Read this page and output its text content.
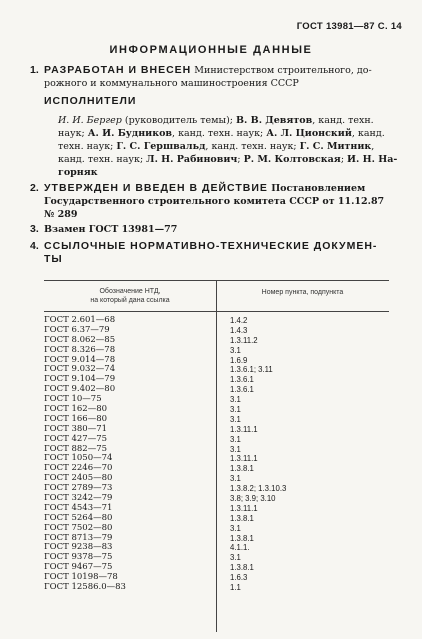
ГОСТ 13981—87 С. 14
ИНФОРМАЦИОННЫЕ ДАННЫЕ
1. РАЗРАБОТАН И ВНЕСЕН Министерством строительного, до-
рожного и коммунального машиностроения СССР
ИСПОЛНИТЕЛИ
И. И. Бергер (руководитель темы); В. В. Девятов, канд. техн.
наук; А. И. Будников, канд. техн. наук; А. Л. Ционский, канд.
техн. наук; Г. С. Гершвальд, канд. техн. наук; Г. С. Митник,
канд. техн. наук; Л. Н. Рабинович; Р. М. Колтовская; И. Н. На-
горняк
2. УТВЕРЖДЕН И ВВЕДЕН В ДЕЙСТВИЕ Постановлением
Государственного строительного комитета СССР от 11.12.87
№ 289
3. Взамен ГОСТ 13981—77
4. ССЫЛОЧНЫЕ НОРМАТИВНО-ТЕХНИЧЕСКИЕ ДОКУМЕН-
ТЫ
Обозначение НТД,
на который дана ссылка
Номер пункта, подпункта
ГОСТ 2.601—68	1.4.2
ГОСТ 6.37—79	1.4.3
ГОСТ 8.062—85	1.3.11.2
ГОСТ 8.326—78	3.1
ГОСТ 9.014—78	1.6.9
ГОСТ 9.032—74	1.3.6.1; 3.11
ГОСТ 9.104—79	1.3.6.1
ГОСТ 9.402—80	1.3.6.1
ГОСТ 10—75	3.1
ГОСТ 162—80	3.1
ГОСТ 166—80	3.1
ГОСТ 380—71	1.3.11.1
ГОСТ 427—75	3.1
ГОСТ 882—75	3.1
ГОСТ 1050—74	1.3.11.1
ГОСТ 2246—70	1.3.8.1
ГОСТ 2405—80	3.1
ГОСТ 2789—73	1.3.8.2; 1.3.10.3
ГОСТ 3242—79	3.8; 3.9; 3.10
ГОСТ 4543—71	1.3.11.1
ГОСТ 5264—80	1.3.8.1
ГОСТ 7502—80	3.1
ГОСТ 8713—79	1.3.8.1
ГОСТ 9238—83	4.1.1.
ГОСТ 9378—75	3.1
ГОСТ 9467—75	1.3.8.1
ГОСТ 10198—78	1.6.3
ГОСТ 12586.0—83	1.1
